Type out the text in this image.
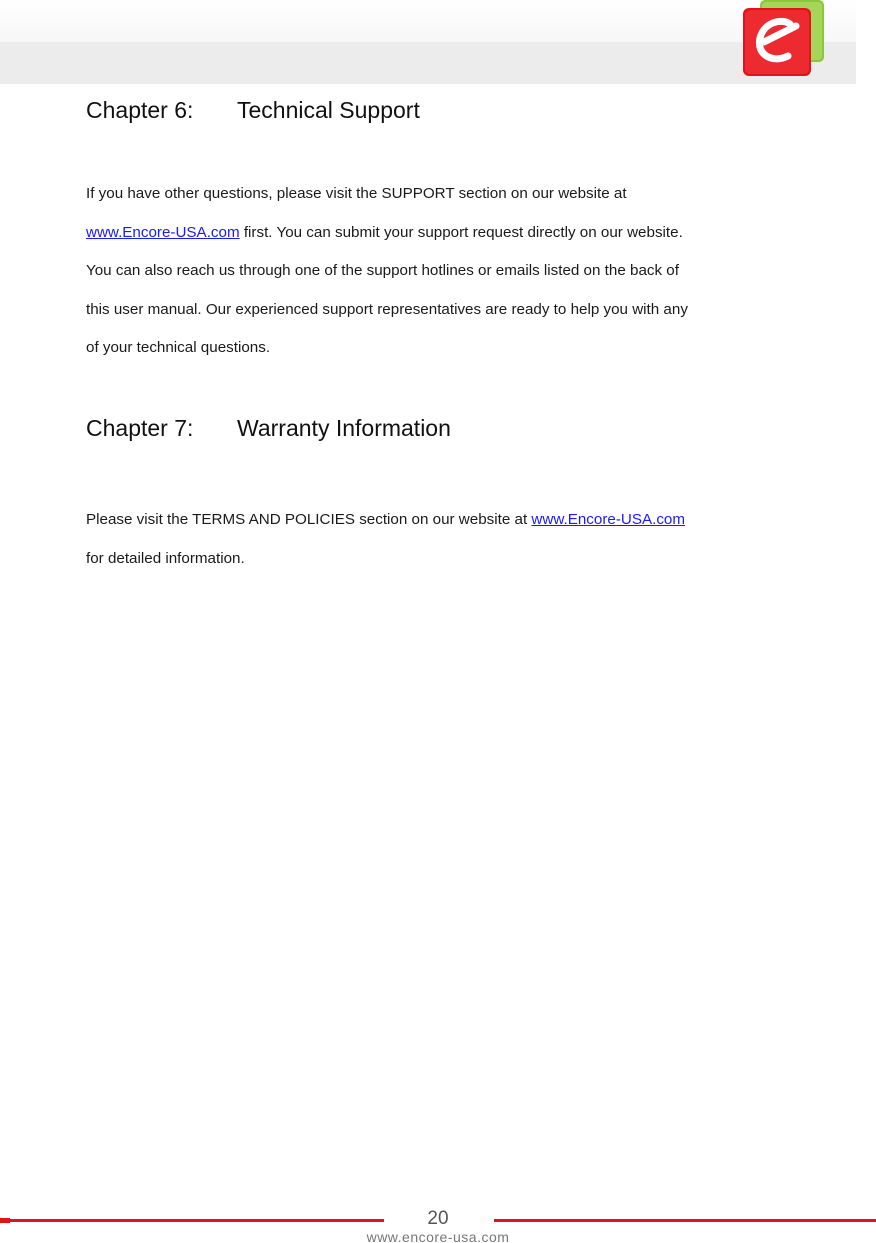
Chapter 6: Technical Support
If you have other questions, please visit the SUPPORT section on our website at
www.Encore-USA.com first. You can submit your support request directly on our website.
You can also reach us through one of the support hotlines or emails listed on the back of
this user manual. Our experienced support representatives are ready to help you with any
of your technical questions.
Chapter 7: Warranty Information
Please visit the TERMS AND POLICIES section on our website at www.Encore-USA.com
for detailed information.
20
www.encore-usa.com
